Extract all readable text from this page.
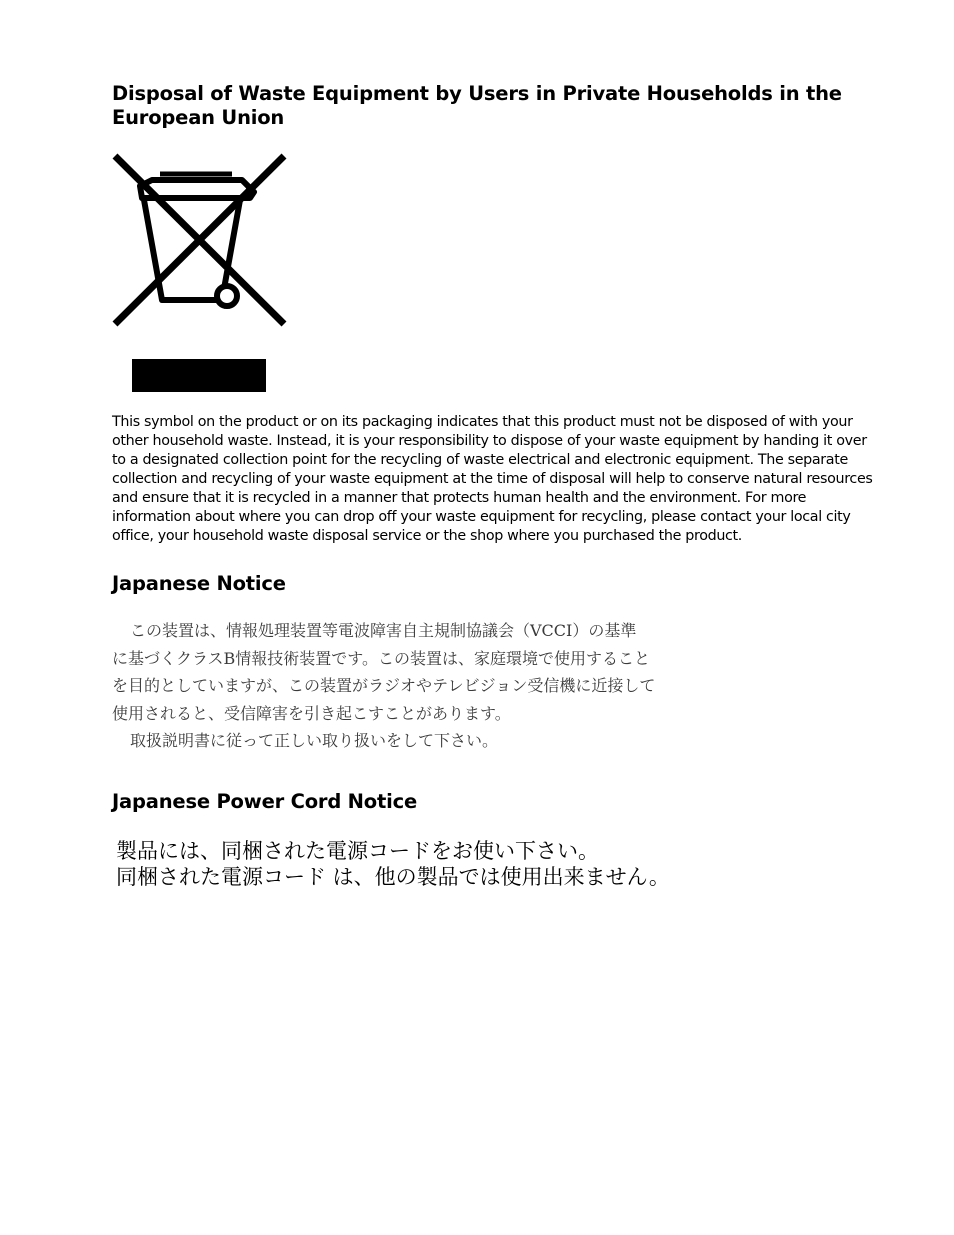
Disposal of Waste Equipment by Users in Private Households in the European Union

This symbol on the product or on its packaging indicates that this product must not be disposed of with your other household waste. Instead, it is your responsibility to dispose of your waste equipment by handing it over to a designated collection point for the recycling of waste electrical and electronic equipment. The separate collection and recycling of your waste equipment at the time of disposal will help to conserve natural resources and ensure that it is recycled in a manner that protects human health and the environment. For more information about where you can drop off your waste equipment for recycling, please contact your local city office, your household waste disposal service or the shop where you purchased the product.

Japanese Notice
この装置は、情報処理装置等電波障害自主規制協議会（VCCI）の基準
に基づくクラスB情報技術装置です。この装置は、家庭環境で使用すること
を目的としていますが、この装置がラジオやテレビジョン受信機に近接して
使用されると、受信障害を引き起こすことがあります。
取扱説明書に従って正しい取り扱いをして下さい。
Japanese Power Cord Notice
製品には、同梱された電源コードをお使い下さい。
同梱された電源コード は、他の製品では使用出来ません。
